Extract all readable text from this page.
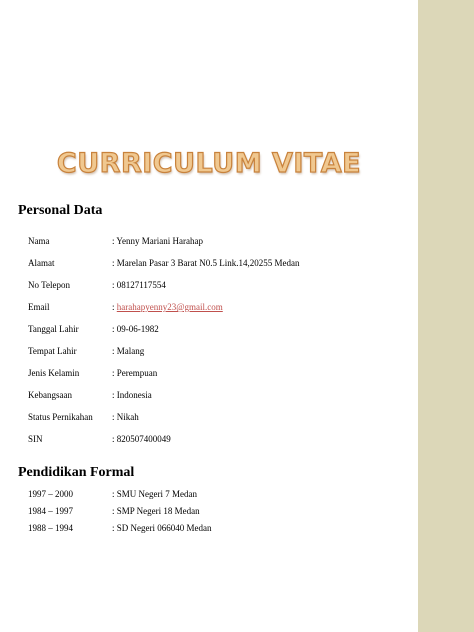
CURRICULUM VITAE
Personal Data
Nama	: Yenny Mariani Harahap
Alamat	: Marelan Pasar 3 Barat N0.5 Link.14,20255 Medan
No Telepon	: 08127117554
Email	: harahapyenny23@gmail.com
Tanggal Lahir	: 09-06-1982
Tempat Lahir	: Malang
Jenis Kelamin	: Perempuan
Kebangsaan	: Indonesia
Status Pernikahan : Nikah
SIN	: 820507400049
Pendidikan Formal
1997 – 2000	: SMU Negeri 7 Medan
1984 – 1997	: SMP Negeri 18 Medan
1988 – 1994	: SD Negeri 066040 Medan
